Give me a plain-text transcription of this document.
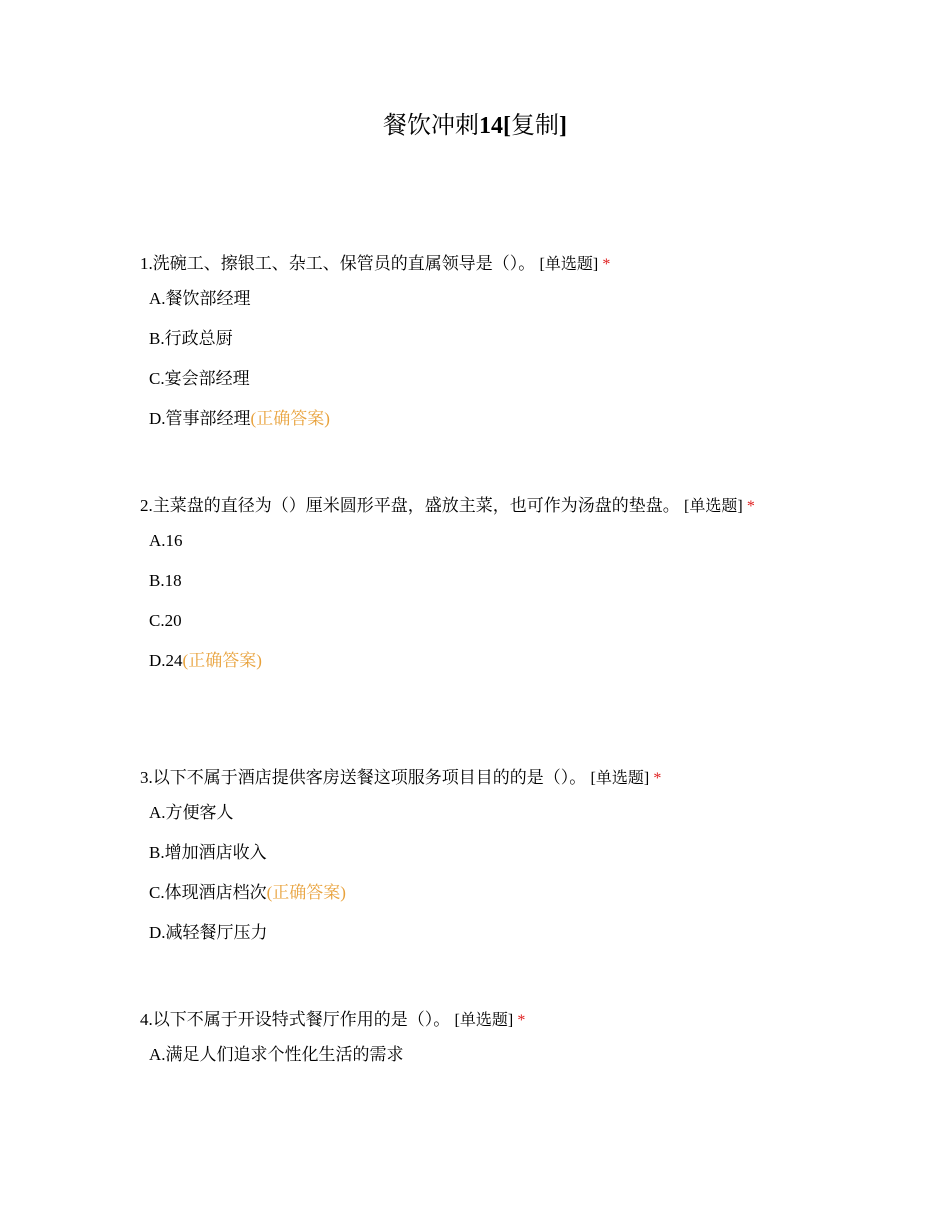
餐饮冲刺14[复制]

1.洗碗工、擦银工、杂工、保管员的直属领导是（）。 [单选题] *

A.餐饮部经理
B.行政总厨
C.宴会部经理
D.管事部经理(正确答案)

2.主菜盘的直径为（）厘米圆形平盘，盛放主菜，也可作为汤盘的垫盘。 [单选题] *

A.16
B.18
C.20
D.24(正确答案)

3.以下不属于酒店提供客房送餐这项服务项目目的的是（）。 [单选题] *

A.方便客人
B.增加酒店收入
C.体现酒店档次(正确答案)
D.减轻餐厅压力

4.以下不属于开设特式餐厅作用的是（）。 [单选题] *

A.满足人们追求个性化生活的需求
